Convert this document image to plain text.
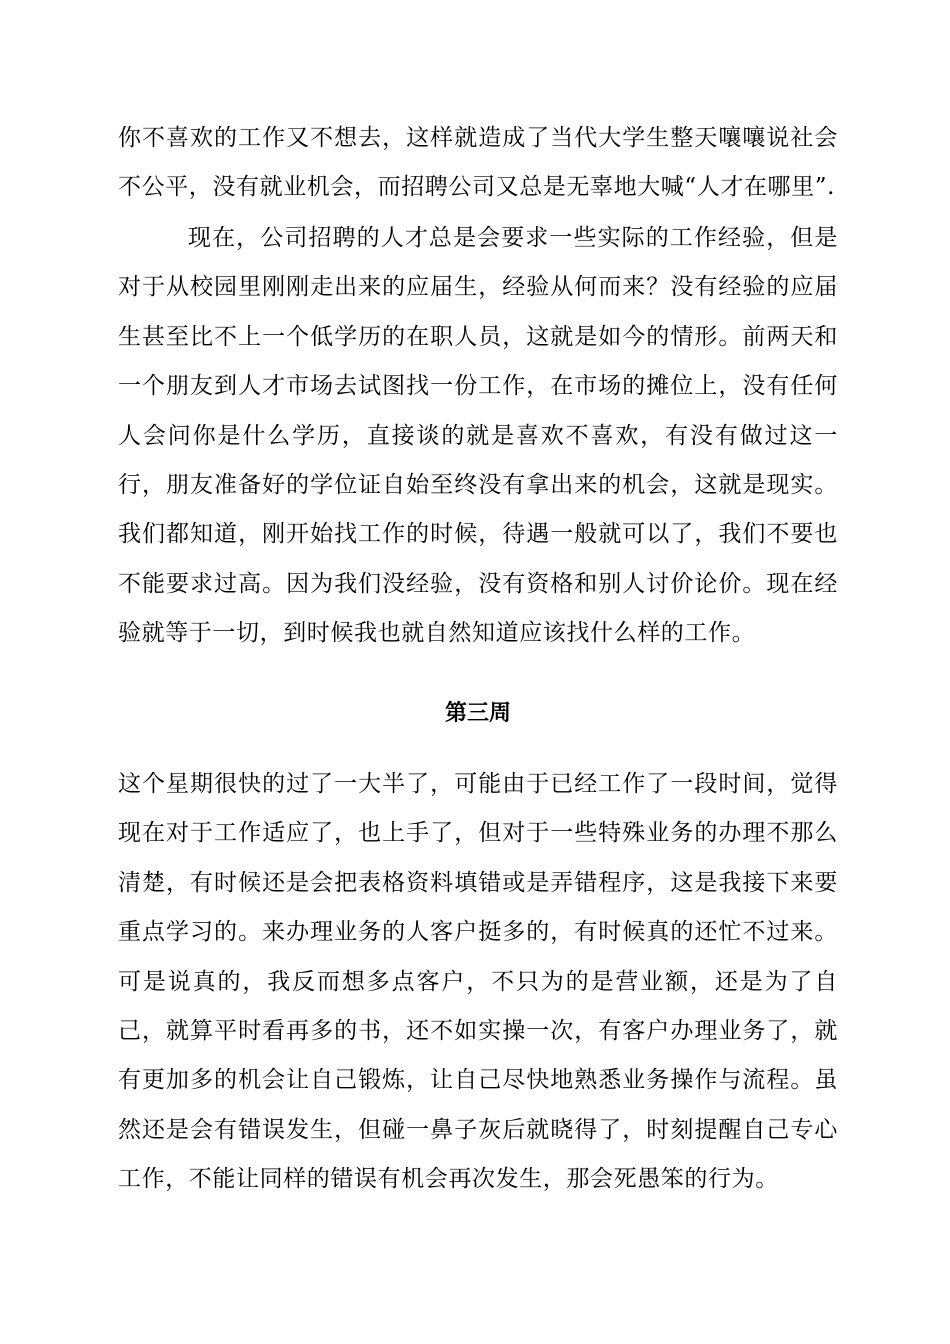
你不喜欢的工作又不想去，这样就造成了当代大学生整天嚷嚷说社会不公平，没有就业机会，而招聘公司又总是无辜地大喊“人才在哪里”.

现在，公司招聘的人才总是会要求一些实际的工作经验，但是对于从校园里刚刚走出来的应届生，经验从何而来？没有经验的应届生甚至比不上一个低学历的在职人员，这就是如今的情形。前两天和一个朋友到人才市场去试图找一份工作，在市场的摊位上，没有任何人会问你是什么学历，直接谈的就是喜欢不喜欢，有没有做过这一行，朋友准备好的学位证自始至终没有拿出来的机会，这就是现实。我们都知道，刚开始找工作的时候，待遇一般就可以了，我们不要也不能要求过高。因为我们没经验，没有资格和别人讨价论价。现在经验就等于一切，到时候我也就自然知道应该找什么样的工作。

第三周

这个星期很快的过了一大半了，可能由于已经工作了一段时间，觉得现在对于工作适应了，也上手了，但对于一些特殊业务的办理不那么清楚，有时候还是会把表格资料填错或是弄错程序，这是我接下来要重点学习的。来办理业务的人客户挺多的，有时候真的还忙不过来。可是说真的，我反而想多点客户，不只为的是营业额，还是为了自己，就算平时看再多的书，还不如实操一次，有客户办理业务了，就有更加多的机会让自己锻炼，让自己尽快地熟悉业务操作与流程。虽然还是会有错误发生，但碰一鼻子灰后就晓得了，时刻提醒自己专心工作，不能让同样的错误有机会再次发生，那会死愚笨的行为。
